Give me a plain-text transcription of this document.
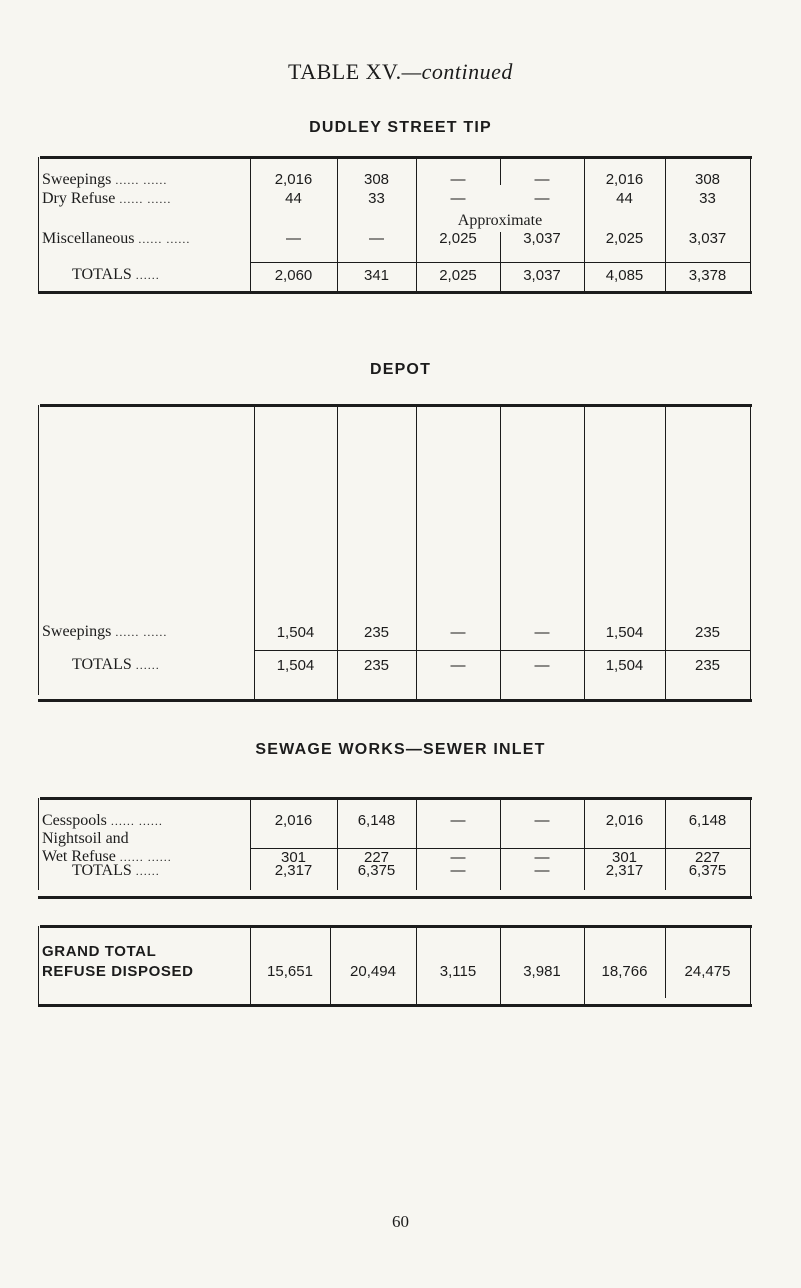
TABLE XV.—continued
DUDLEY STREET TIP
Sweepings ...... ......	2,016	308	—	—	2,016	308
Dry Refuse ...... ......	44	33	—	—	44	33
Approximate
Miscellaneous ...... ......	—	—	2,025	3,037	2,025	3,037
TOTALS ......	2,060	341	2,025	3,037	4,085	3,378
DEPOT
Sweepings ...... ......	1,504	235	—	—	1,504	235
TOTALS ......	1,504	235	—	—	1,504	235
SEWAGE WORKS—SEWER INLET
Cesspools ...... ......	2,016	6,148	—	—	2,016	6,148
Nightsoil and
Wet Refuse ...... ......	301	227	—	—	301	227
TOTALS ......	2,317	6,375	—	—	2,317	6,375
GRAND TOTAL
REFUSE DISPOSED	15,651	20,494	3,115	3,981	18,766	24,475
60
